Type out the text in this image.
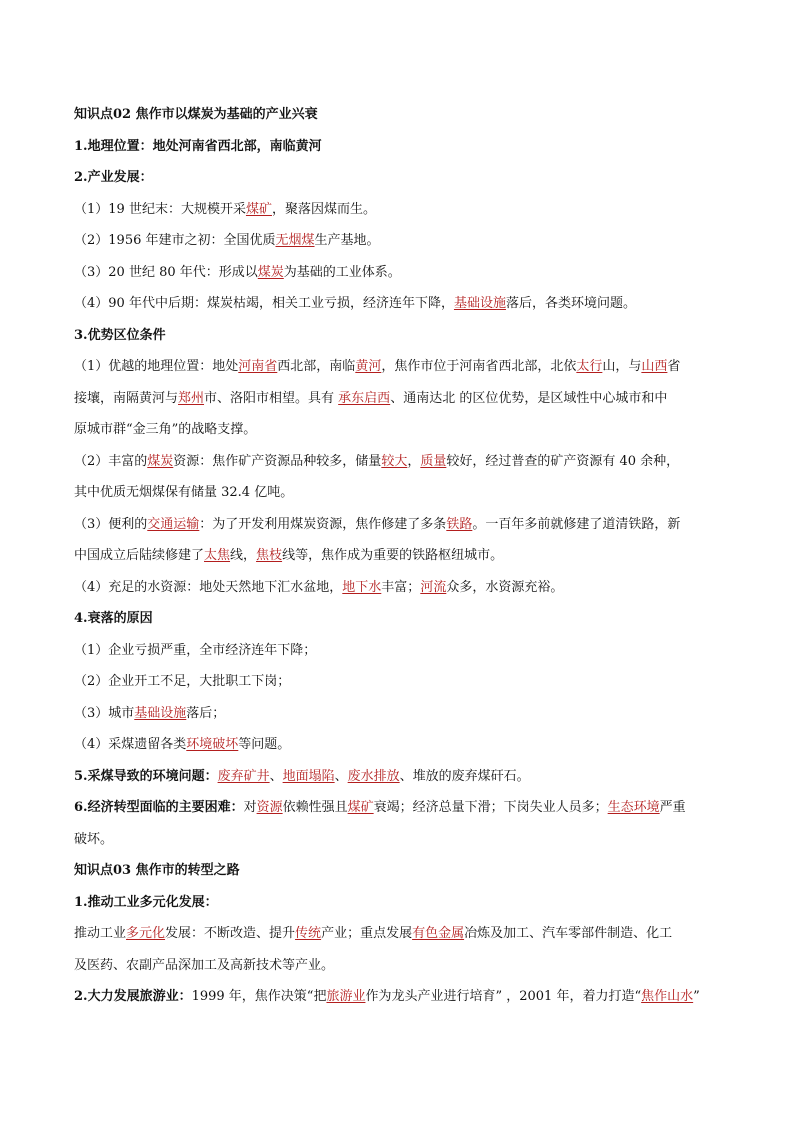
知识点02 焦作市以煤炭为基础的产业兴衰
1.地理位置：地处河南省西北部，南临黄河
2.产业发展：
（1）19 世纪末：大规模开采煤矿，聚落因煤而生。
（2）1956 年建市之初：全国优质无烟煤生产基地。
（3）20 世纪 80 年代：形成以煤炭为基础的工业体系。
（4）90 年代中后期：煤炭枯竭，相关工业亏损，经济连年下降，基础设施落后，各类环境问题。
3.优势区位条件
（1）优越的地理位置：地处河南省西北部，南临黄河，焦作市位于河南省西北部，北依太行山，与山西省
接壤，南隔黄河与郑州市、洛阳市相望。具有 承东启西、通南达北 的区位优势，是区域性中心城市和中
原城市群“金三角”的战略支撑。
（2）丰富的煤炭资源：焦作矿产资源品种较多，储量较大，质量较好，经过普查的矿产资源有 40 余种，
其中优质无烟煤保有储量 32.4 亿吨。
（3）便利的交通运输：为了开发利用煤炭资源，焦作修建了多条铁路。一百年多前就修建了道清铁路，新
中国成立后陆续修建了太焦线，焦枝线等，焦作成为重要的铁路枢纽城市。
（4）充足的水资源：地处天然地下汇水盆地，地下水丰富；河流众多，水资源充裕。
4.衰落的原因
（1）企业亏损严重，全市经济连年下降；
（2）企业开工不足，大批职工下岗；
（3）城市基础设施落后；
（4）采煤遗留各类环境破坏等问题。
5.采煤导致的环境问题：废弃矿井、地面塌陷、废水排放、堆放的废弃煤矸石。
6.经济转型面临的主要困难：对资源依赖性强且煤矿衰竭；经济总量下滑；下岗失业人员多；生态环境严重
破坏。
知识点03 焦作市的转型之路
1.推动工业多元化发展：
推动工业多元化发展：不断改造、提升传统产业；重点发展有色金属冶炼及加工、汽车零部件制造、化工
及医药、农副产品深加工及高新技术等产业。
2.大力发展旅游业：1999 年，焦作决策“把旅游业作为龙头产业进行培育” ，2001 年，着力打造“焦作山水”
